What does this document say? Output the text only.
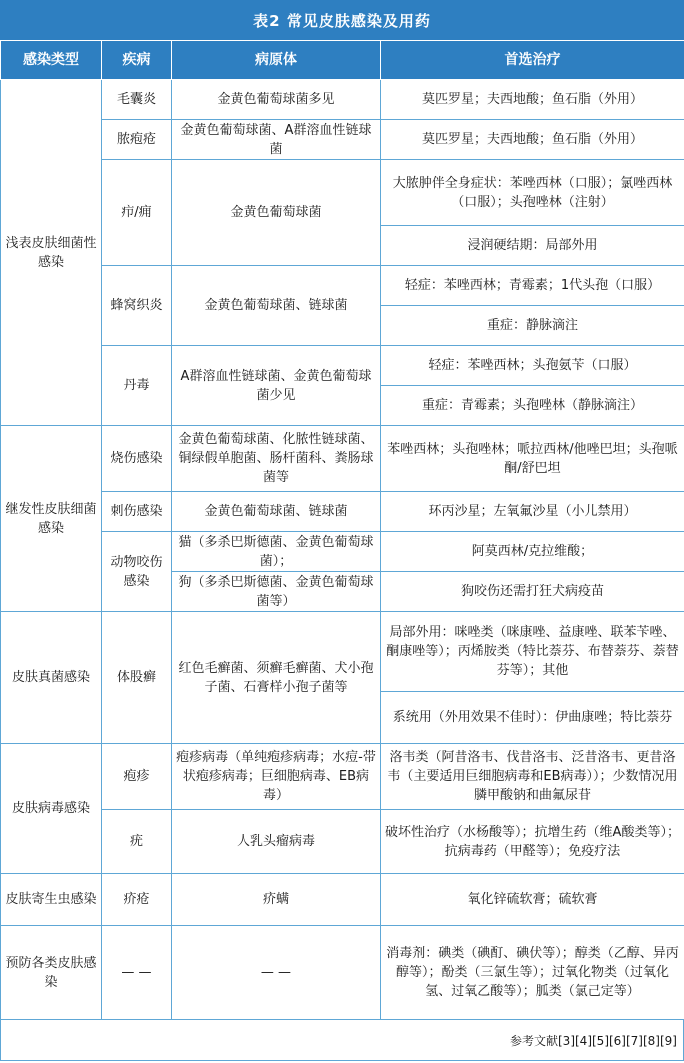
表2 常见皮肤感染及用药
感染类型	疾病	病原体	首选治疗
浅表皮肤细菌性感染	毛囊炎	金黄色葡萄球菌多见	莫匹罗星；夫西地酸；鱼石脂（外用）
	脓疱疮	金黄色葡萄球菌、A群溶血性链球菌	莫匹罗星；夫西地酸；鱼石脂（外用）
	疖/痈	金黄色葡萄球菌	大脓肿伴全身症状：苯唑西林（口服）；氯唑西林（口服）；头孢唑林（注射）
			浸润硬结期：局部外用
	蜂窝织炎	金黄色葡萄球菌、链球菌	轻症：苯唑西林；青霉素；1代头孢（口服）
			重症：静脉滴注
	丹毒	A群溶血性链球菌、金黄色葡萄球菌少见	轻症：苯唑西林；头孢氨苄（口服）
			重症：青霉素；头孢唑林（静脉滴注）

继发性皮肤细菌感染	烧伤感染	金黄色葡萄球菌、化脓性链球菌、铜绿假单胞菌、肠杆菌科、粪肠球菌等	苯唑西林；头孢唑林；哌拉西林/他唑巴坦；头孢哌酮/舒巴坦
	刺伤感染	金黄色葡萄球菌、链球菌	环丙沙星；左氧氟沙星（小儿禁用）
	动物咬伤感染	猫（多杀巴斯德菌、金黄色葡萄球菌）；	阿莫西林/克拉维酸；
		狗（多杀巴斯德菌、金黄色葡萄球菌等）	狗咬伤还需打狂犬病疫苗
皮肤真菌感染	体股癣	红色毛癣菌、须癣毛癣菌、犬小孢子菌、石膏样小孢子菌等	局部外用：咪唑类（咪康唑、益康唑、联苯苄唑、酮康唑等）；丙烯胺类（特比萘芬、布替萘芬、萘替芬等）；其他
			系统用（外用效果不佳时）：伊曲康唑；特比萘芬
皮肤病毒感染	疱疹	疱疹病毒（单纯疱疹病毒；水痘-带状疱疹病毒；巨细胞病毒、EB病毒）	洛韦类（阿昔洛韦、伐昔洛韦、泛昔洛韦、更昔洛韦（主要适用巨细胞病毒和EB病毒））；少数情况用膦甲酸钠和曲氟尿苷
	疣	人乳头瘤病毒	破坏性治疗（水杨酸等）；抗增生药（维A酸类等）；抗病毒药（甲醛等）；免疫疗法
皮肤寄生虫感染	疥疮	疥螨	氧化锌硫软膏；硫软膏
预防各类皮肤感染	— —	— —	消毒剂：碘类（碘酊、碘伏等）；醇类（乙醇、异丙醇等）；酚类（三氯生等）；过氧化物类（过氧化氢、过氧乙酸等）；胍类（氯己定等）
参考文献[3][4][5][6][7][8][9]
